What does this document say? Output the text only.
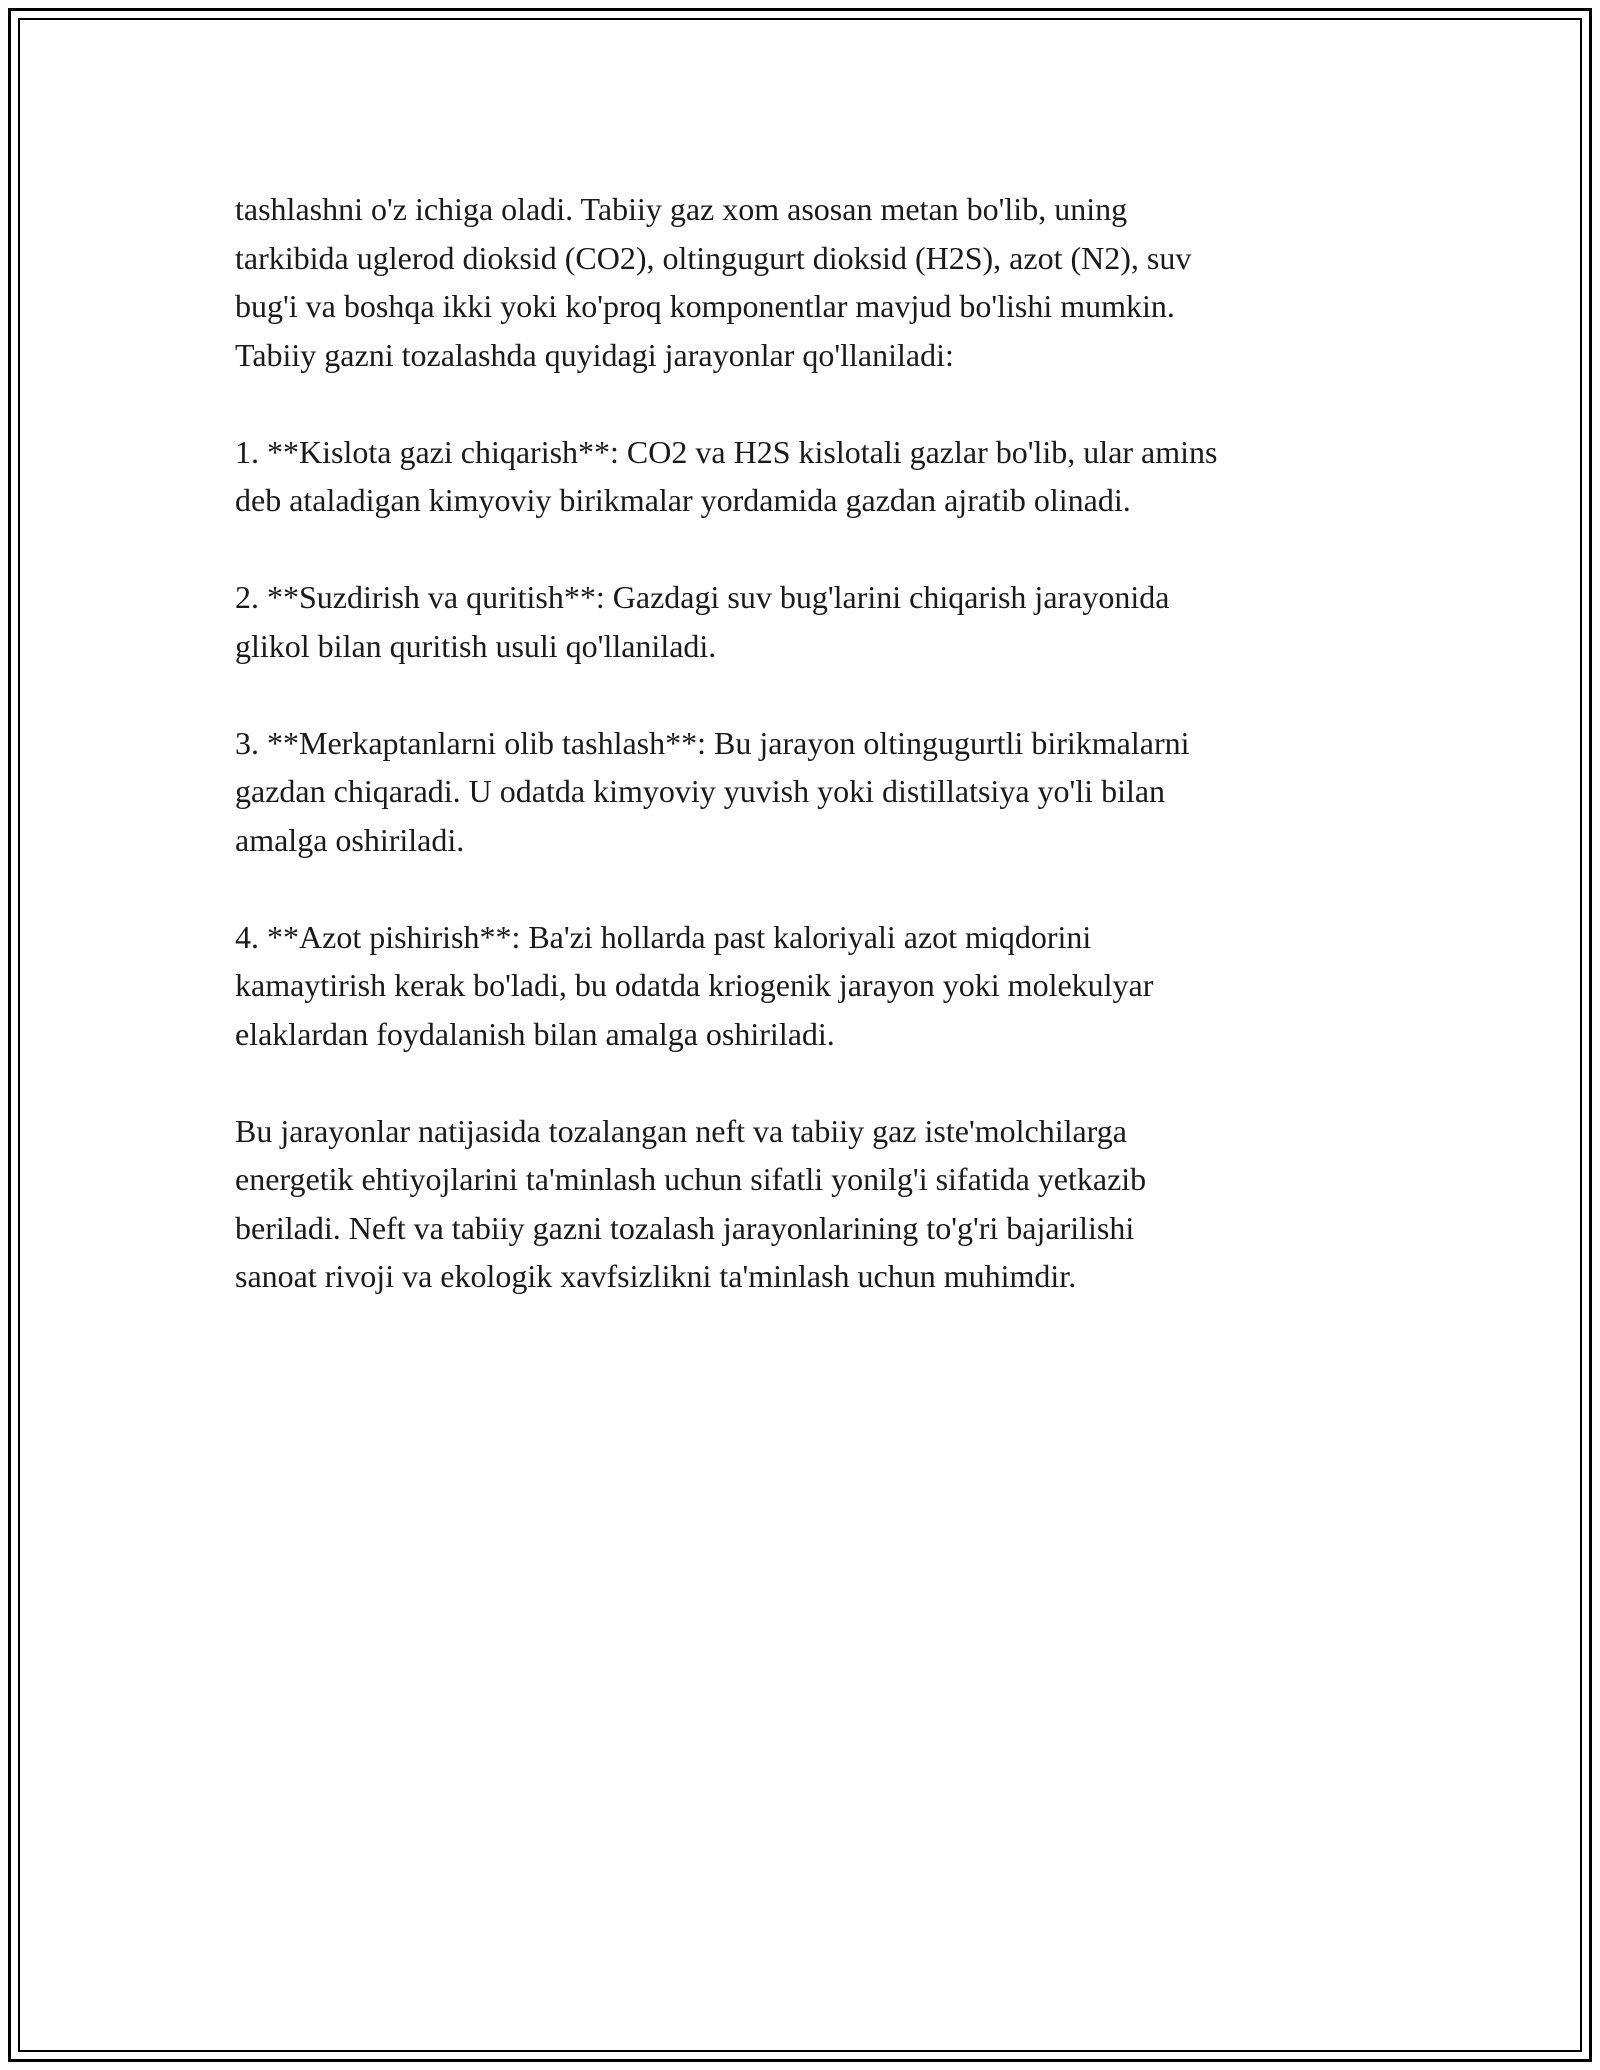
tashlashni o'z ichiga oladi. Tabiiy gaz xom asosan metan bo'lib, uning
tarkibida uglerod dioksid (CO2), oltingugurt dioksid (H2S), azot (N2), suv
bug'i va boshqa ikki yoki ko'proq komponentlar mavjud bo'lishi mumkin.
Tabiiy gazni tozalashda quyidagi jarayonlar qo'llaniladi:

1. **Kislota gazi chiqarish**: CO2 va H2S kislotali gazlar bo'lib, ular amins
deb ataladigan kimyoviy birikmalar yordamida gazdan ajratib olinadi.

2. **Suzdirish va quritish**: Gazdagi suv bug'larini chiqarish jarayonida
glikol bilan quritish usuli qo'llaniladi.

3. **Merkaptanlarni olib tashlash**: Bu jarayon oltingugurtli birikmalarni
gazdan chiqaradi. U odatda kimyoviy yuvish yoki distillatsiya yo'li bilan
amalga oshiriladi.

4. **Azot pishirish**: Ba'zi hollarda past kaloriyali azot miqdorini
kamaytirish kerak bo'ladi, bu odatda kriogenik jarayon yoki molekulyar
elaklardan foydalanish bilan amalga oshiriladi.

Bu jarayonlar natijasida tozalangan neft va tabiiy gaz iste'molchilarga
energetik ehtiyojlarini ta'minlash uchun sifatli yonilg'i sifatida yetkazib
beriladi. Neft va tabiiy gazni tozalash jarayonlarining to'g'ri bajarilishi
sanoat rivoji va ekologik xavfsizlikni ta'minlash uchun muhimdir.
